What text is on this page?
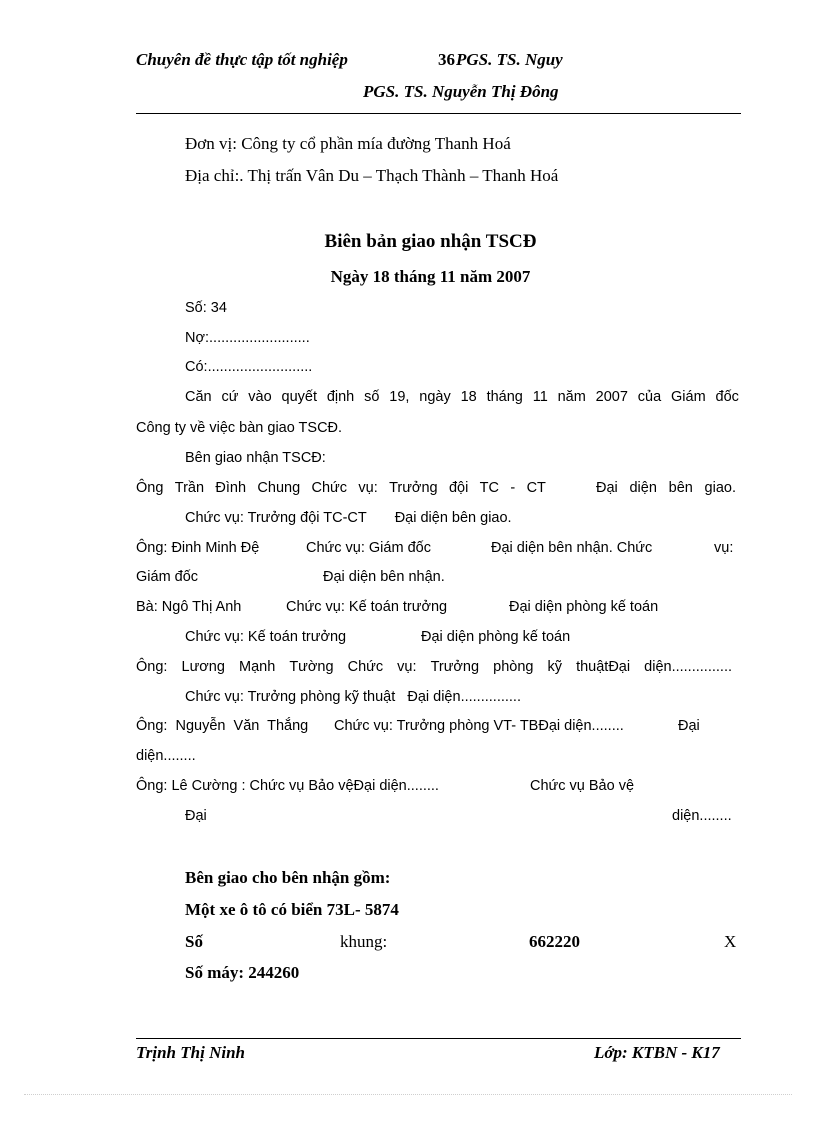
Chuyên đề thực tập tốt nghiệp	36 PGS. TS. Nguy
PGS. TS. Nguyễn Thị Đông
Đơn vị: Công ty cổ phần mía đường Thanh Hoá
Địa chỉ:. Thị trấn Vân Du – Thạch Thành – Thanh Hoá
Biên bản giao nhận TSCĐ
Ngày 18 tháng 11 năm 2007
Số: 34
Nợ:.........................
Có:..........................
Căn cứ vào quyết định số 19, ngày 18 tháng 11 năm 2007 của Giám đốc
Công ty về việc bàn giao TSCĐ.
Bên giao nhận TSCĐ:
Ông Trần Đình Chung Chức vụ: Trưởng đội TC - CT	Đại diện bên giao.
Chức vụ: Trưởng đội TC-CT       Đại diện bên giao.
Ông: Đinh Minh Đệ	Chức vụ: Giám đốc	Đại diện bên nhận. Chức	vụ:
Giám đốc	Đại diện bên nhận.
Bà: Ngô Thị Anh	Chức vụ: Kế toán trưởng	Đại diện phòng kế toán
Chức vụ: Kế toán trưởng	Đại diện phòng kế toán
Ông: Lương Mạnh Tường Chức vụ: Trưởng phòng kỹ thuậtĐại diện...............
Chức vụ: Trưởng phòng kỹ thuật   Đại diện...............
Ông:  Nguyễn  Văn  Thắng Chức vụ: Trưởng phòng VT- TBĐại diện........	Đại
diện........
Ông: Lê Cường : Chức vụ Bảo vệĐại diện........	Chức vụ Bảo vệ
Đại	diện........
Bên giao cho bên nhận gồm:
Một xe ô tô có biển 73L- 5874
Số	khung:	662220	X
Số máy: 244260
Trịnh Thị Ninh	Lớp: KTBN - K17
